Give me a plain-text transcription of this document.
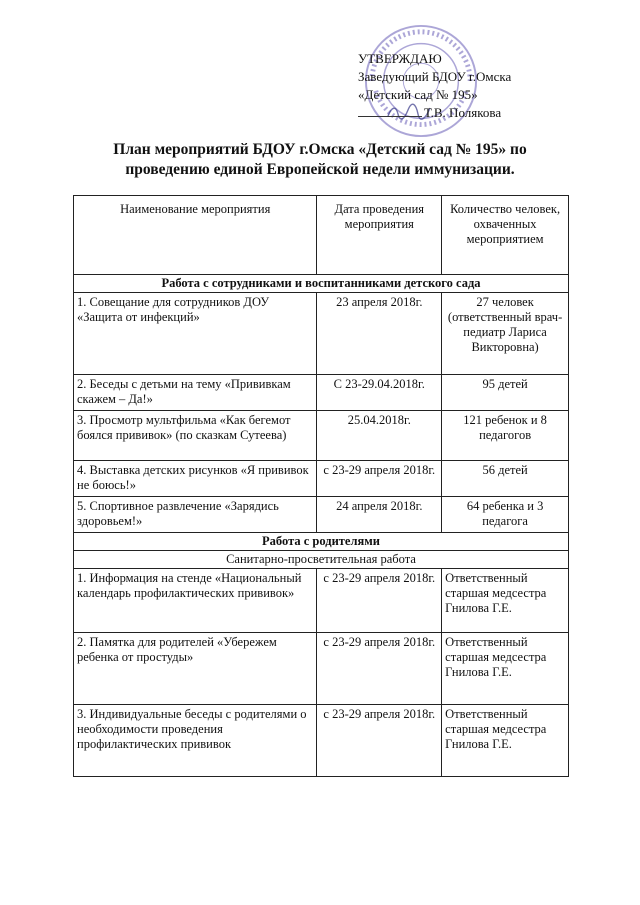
УТВЕРЖДАЮ
Заведующий БДОУ г.Омска
«Детский сад № 195»
Т.В. Полякова
План мероприятий БДОУ г.Омска «Детский сад № 195» по
проведению единой Европейской недели иммунизации.
Наименование мероприятия	Дата проведения мероприятия	Количество человек, охваченных мероприятием
Работа с сотрудниками и воспитанниками детского сада		
1. Совещание для сотрудников ДОУ «Защита от инфекций»	23 апреля 2018г.	27 человек (ответственный врач-педиатр Лариса Викторовна)
2. Беседы с детьми на тему «Прививкам скажем – Да!»	С 23-29.04.2018г.	95 детей
3. Просмотр мультфильма «Как бегемот боялся прививок» (по сказкам Сутеева)	25.04.2018г.	121 ребенок и 8 педагогов
4. Выставка детских рисунков «Я прививок не боюсь!»	с 23-29 апреля 2018г.	56 детей
5. Спортивное развлечение «Зарядись здоровьем!»	24 апреля 2018г.	64 ребенка и 3 педагога
Работа с родителями		
Санитарно-просветительная работа		
1. Информация на стенде «Национальный календарь профилактических прививок»	с 23-29 апреля 2018г.	Ответственный старшая медсестра Гнилова Г.Е.
2. Памятка для родителей «Убережем ребенка от простуды»	с 23-29 апреля 2018г.	Ответственный старшая медсестра Гнилова Г.Е.
3. Индивидуальные беседы с родителями о необходимости проведения профилактических прививок	с 23-29 апреля 2018г.	Ответственный старшая медсестра Гнилова Г.Е.
